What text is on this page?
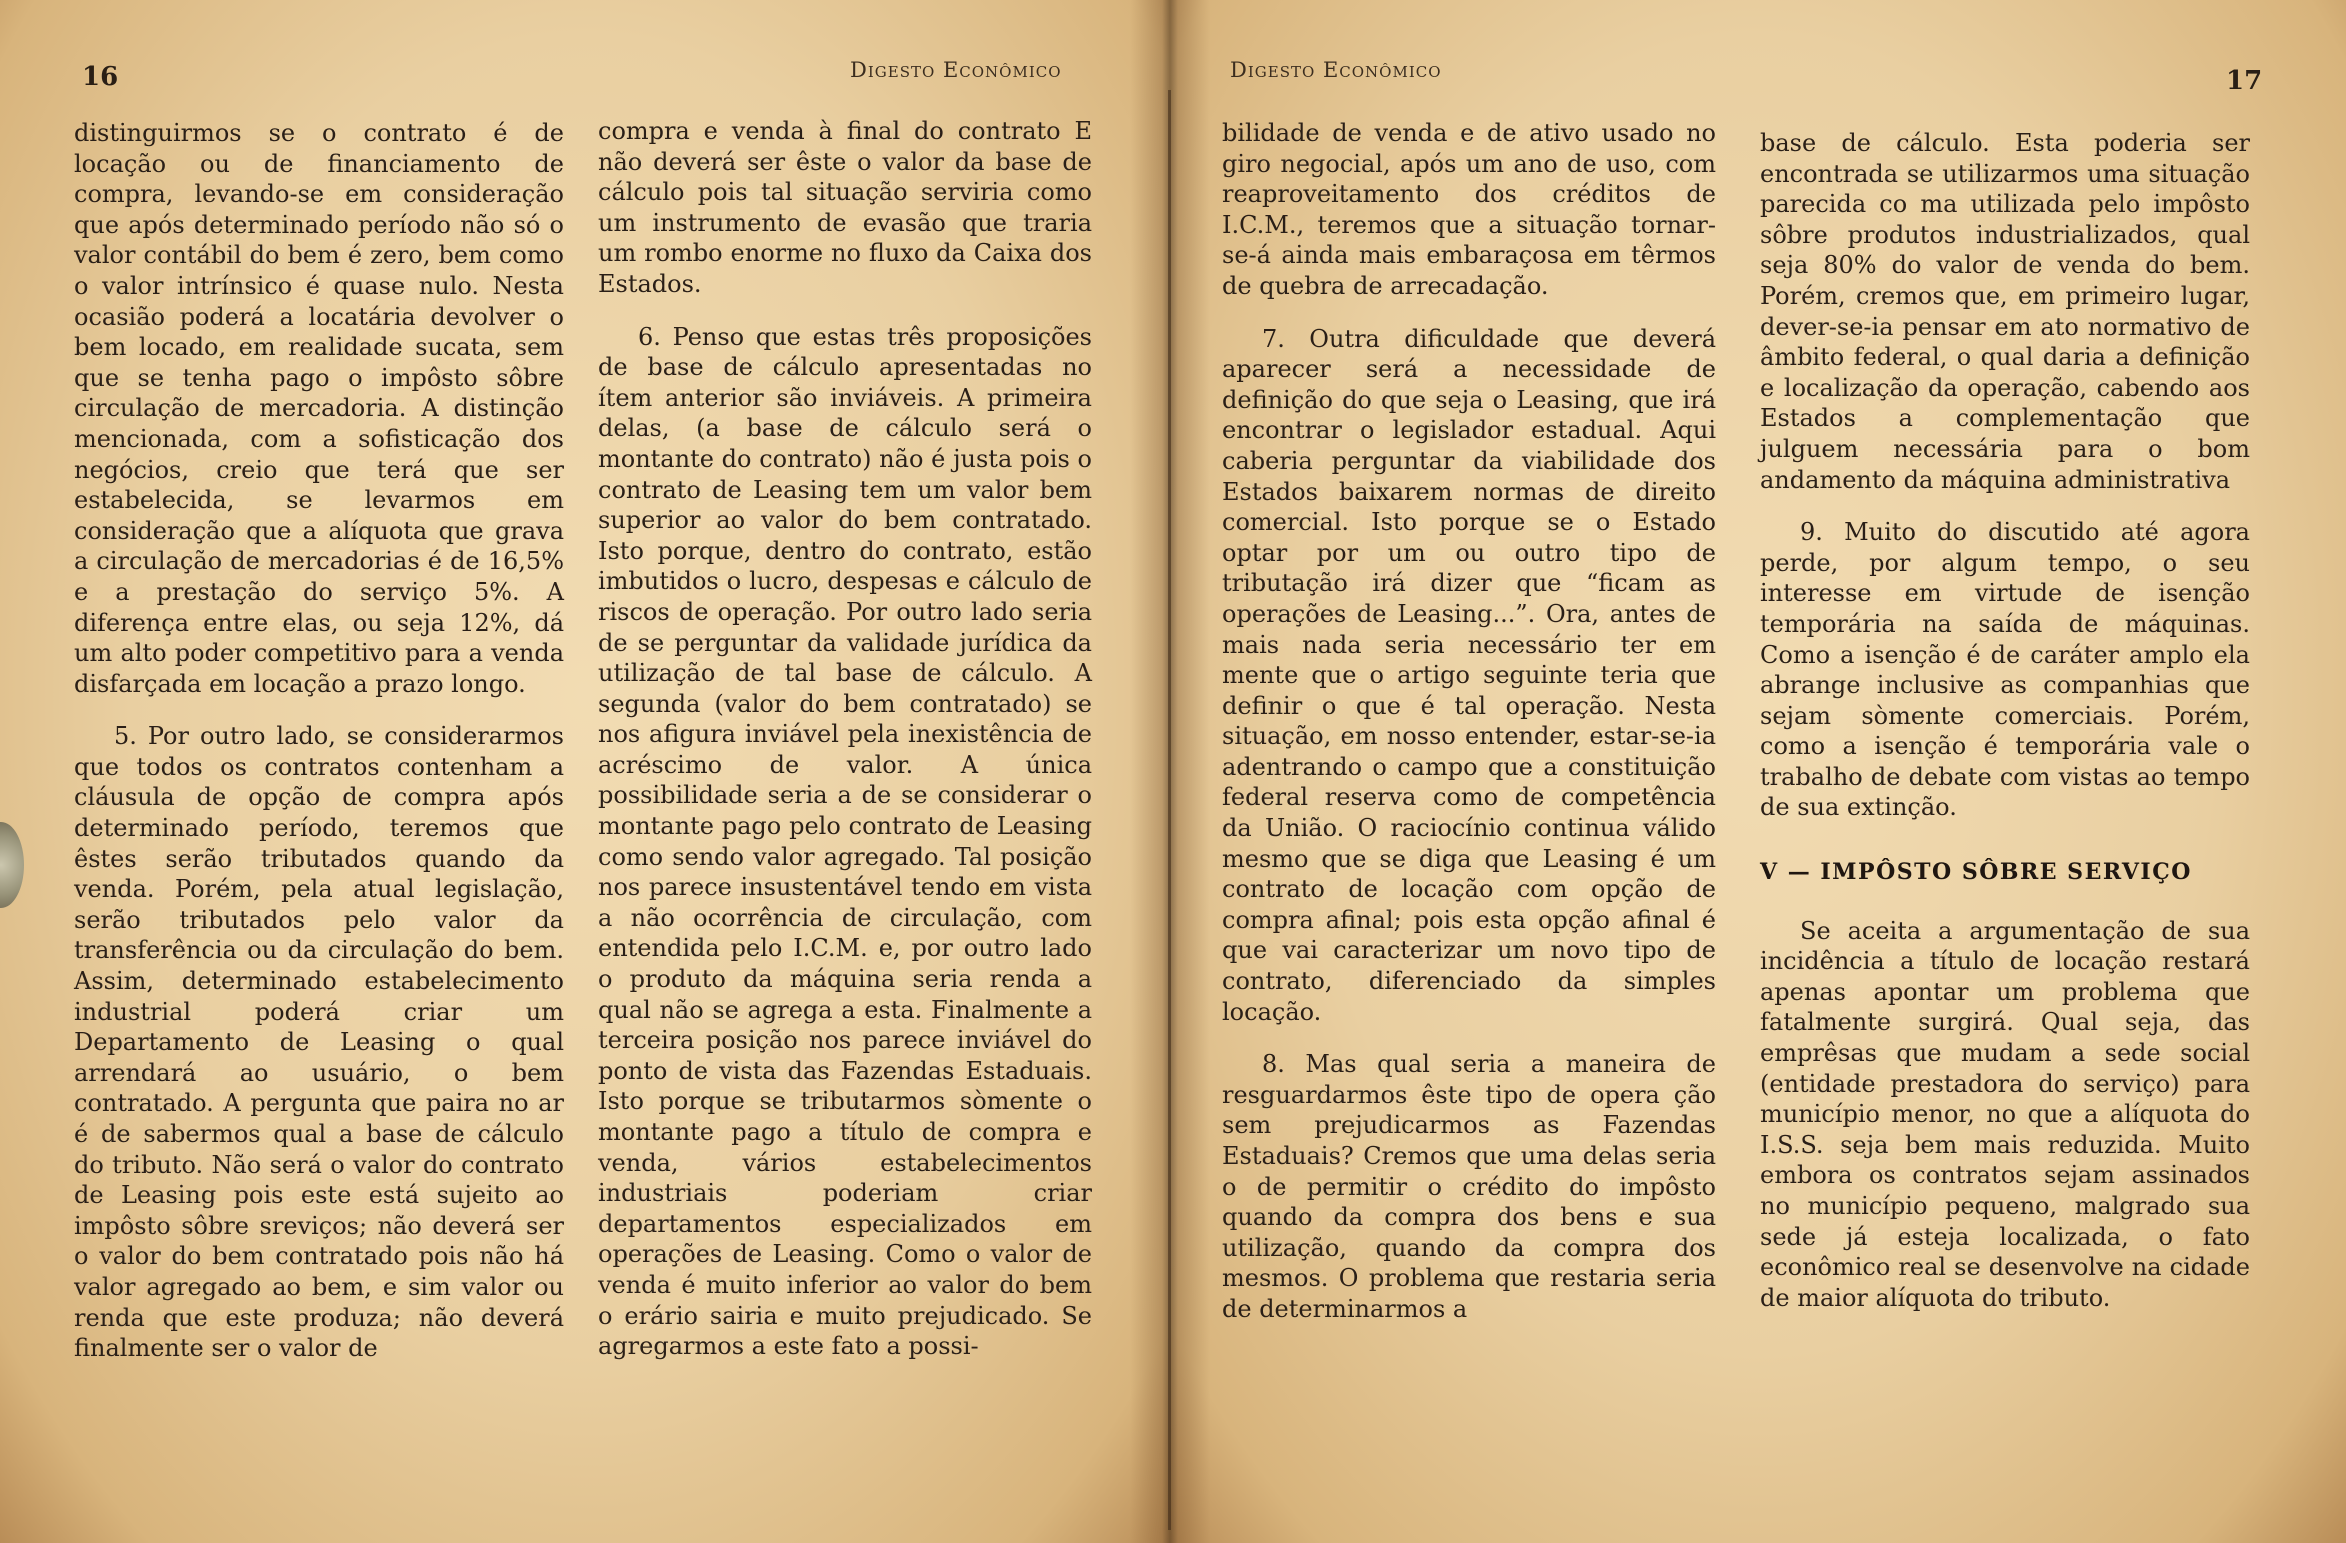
16	Digesto Econômico

distinguirmos se o contrato é de locação ou de financiamento de compra, levando-se em consideração que após determinado período não só o valor contábil do bem é zero, bem como o valor intrínsico é quase nulo. Nesta ocasião poderá a locatária devolver o bem locado, em realidade sucata, sem que se tenha pago o impôsto sôbre circulação de mercadoria. A distinção mencionada, com a sofisticação dos negócios, creio que terá que ser estabelecida, se levarmos em consideração que a alíquota que grava a circulação de mercadorias é de 16,5% e a prestação do serviço 5%. A diferença entre elas, ou seja 12%, dá um alto poder competitivo para a venda disfarçada em locação a prazo longo.

5. Por outro lado, se considerarmos que todos os contratos contenham a cláusula de opção de compra após determinado período, teremos que êstes serão tributados quando da venda. Porém, pela atual legislação, serão tributados pelo valor da transferência ou da circulação do bem. Assim, determinado estabelecimento industrial poderá criar um Departamento de Leasing o qual arrendará ao usuário, o bem contratado. A pergunta que paira no ar é de sabermos qual a base de cálculo do tributo. Não será o valor do contrato de Leasing pois este está sujeito ao impôsto sôbre sreviços; não deverá ser o valor do bem contratado pois não há valor agregado ao bem, e sim valor ou renda que este produza; não deverá finalmente ser o valor de

compra e venda à final do contrato E não deverá ser êste o valor da base de cálculo pois tal situação serviria como um instrumento de evasão que traria um rombo enorme no fluxo da Caixa dos Estados.

6. Penso que estas três proposições de base de cálculo apresentadas no ítem anterior são inviáveis. A primeira delas, (a base de cálculo será o montante do contrato) não é justa pois o contrato de Leasing tem um valor bem superior ao valor do bem contratado. Isto porque, dentro do contrato, estão imbutidos o lucro, despesas e cálculo de riscos de operação. Por outro lado seria de se perguntar da validade jurídica da utilização de tal base de cálculo. A segunda (valor do bem contratado) se nos afigura inviável pela inexistência de acréscimo de valor. A única possibilidade seria a de se considerar o montante pago pelo contrato de Leasing como sendo valor agregado. Tal posição nos parece insustentável tendo em vista a não ocorrência de circulação, com entendida pelo I.C.M. e, por outro lado o produto da máquina seria renda a qual não se agrega a esta. Finalmente a terceira posição nos parece inviável do ponto de vista das Fazendas Estaduais. Isto porque se tributarmos sòmente o montante pago a título de compra e venda, vários estabelecimentos industriais poderiam criar departamentos especializados em operações de Leasing. Como o valor de venda é muito inferior ao valor do bem o erário sairia e muito prejudicado. Se agregarmos a este fato a possi-

Digesto Econômico	17

bilidade de venda e de ativo usado no giro negocial, após um ano de uso, com reaproveitamento dos créditos de I.C.M., teremos que a situação tornar-se-á ainda mais embaraçosa em têrmos de quebra de arrecadação.

7. Outra dificuldade que deverá aparecer será a necessidade de definição do que seja o Leasing, que irá encontrar o legislador estadual. Aqui caberia perguntar da viabilidade dos Estados baixarem normas de direito comercial. Isto porque se o Estado optar por um ou outro tipo de tributação irá dizer que “ficam as operações de Leasing...”. Ora, antes de mais nada seria necessário ter em mente que o artigo seguinte teria que definir o que é tal operação. Nesta situação, em nosso entender, estar-se-ia adentrando o campo que a constituição federal reserva como de competência da União. O raciocínio continua válido mesmo que se diga que Leasing é um contrato de locação com opção de compra afinal; pois esta opção afinal é que vai caracterizar um novo tipo de contrato, diferenciado da simples locação.

8. Mas qual seria a maneira de resguardarmos êste tipo de opera ção sem prejudicarmos as Fazendas Estaduais? Cremos que uma delas seria o de permitir o crédito do impôsto quando da compra dos bens e sua utilização, quando da compra dos mesmos. O problema que restaria seria de determinarmos a

base de cálculo. Esta poderia ser encontrada se utilizarmos uma situação parecida co ma utilizada pelo impôsto sôbre produtos industrializados, qual seja 80% do valor de venda do bem. Porém, cremos que, em primeiro lugar, dever-se-ia pensar em ato normativo de âmbito federal, o qual daria a definição e localização da operação, cabendo aos Estados a complementação que julguem necessária para o bom andamento da máquina administrativa

9. Muito do discutido até agora perde, por algum tempo, o seu interesse em virtude de isenção temporária na saída de máquinas. Como a isenção é de caráter amplo ela abrange inclusive as companhias que sejam sòmente comerciais. Porém, como a isenção é temporária vale o trabalho de debate com vistas ao tempo de sua extinção.

V — IMPÔSTO SÔBRE SERVIÇO

Se aceita a argumentação de sua incidência a título de locação restará apenas apontar um problema que fatalmente surgirá. Qual seja, das emprêsas que mudam a sede social (entidade prestadora do serviço) para município menor, no que a alíquota do I.S.S. seja bem mais reduzida. Muito embora os contratos sejam assinados no município pequeno, malgrado sua sede já esteja localizada, o fato econômico real se desenvolve na cidade de maior alíquota do tributo.
